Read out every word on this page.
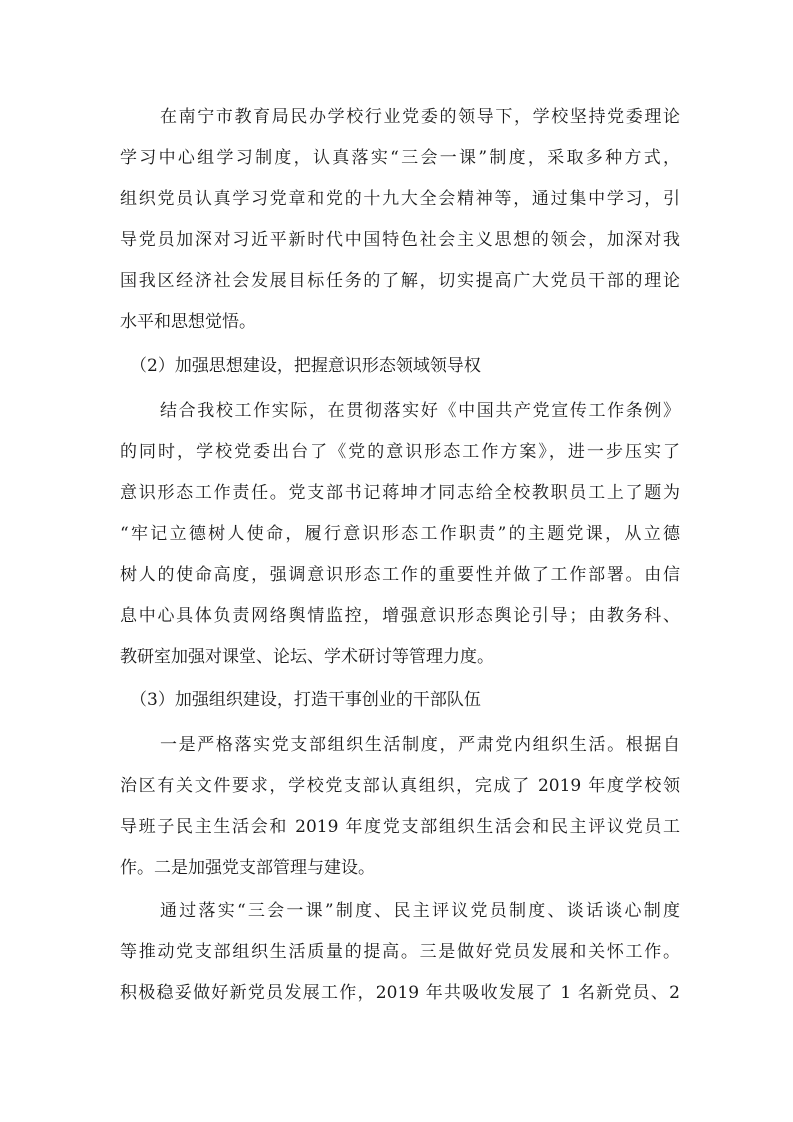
在南宁市教育局民办学校行业党委的领导下，学校坚持党委理论
学习中心组学习制度，认真落实“三会一课”制度，采取多种方式，
组织党员认真学习党章和党的十九大全会精神等，通过集中学习，引
导党员加深对习近平新时代中国特色社会主义思想的领会，加深对我
国我区经济社会发展目标任务的了解，切实提高广大党员干部的理论
水平和思想觉悟。
（2）加强思想建设，把握意识形态领域领导权
结合我校工作实际，在贯彻落实好《中国共产党宣传工作条例》
的同时，学校党委出台了《党的意识形态工作方案》，进一步压实了
意识形态工作责任。党支部书记蒋坤才同志给全校教职员工上了题为
“牢记立德树人使命，履行意识形态工作职责”的主题党课，从立德
树人的使命高度，强调意识形态工作的重要性并做了工作部署。由信
息中心具体负责网络舆情监控，增强意识形态舆论引导；由教务科、
教研室加强对课堂、论坛、学术研讨等管理力度。
（3）加强组织建设，打造干事创业的干部队伍
一是严格落实党支部组织生活制度，严肃党内组织生活。根据自
治区有关文件要求，学校党支部认真组织，完成了 2019 年度学校领
导班子民主生活会和 2019 年度党支部组织生活会和民主评议党员工
作。二是加强党支部管理与建设。
通过落实“三会一课”制度、民主评议党员制度、谈话谈心制度
等推动党支部组织生活质量的提高。三是做好党员发展和关怀工作。
积极稳妥做好新党员发展工作，2019 年共吸收发展了 1 名新党员、2
